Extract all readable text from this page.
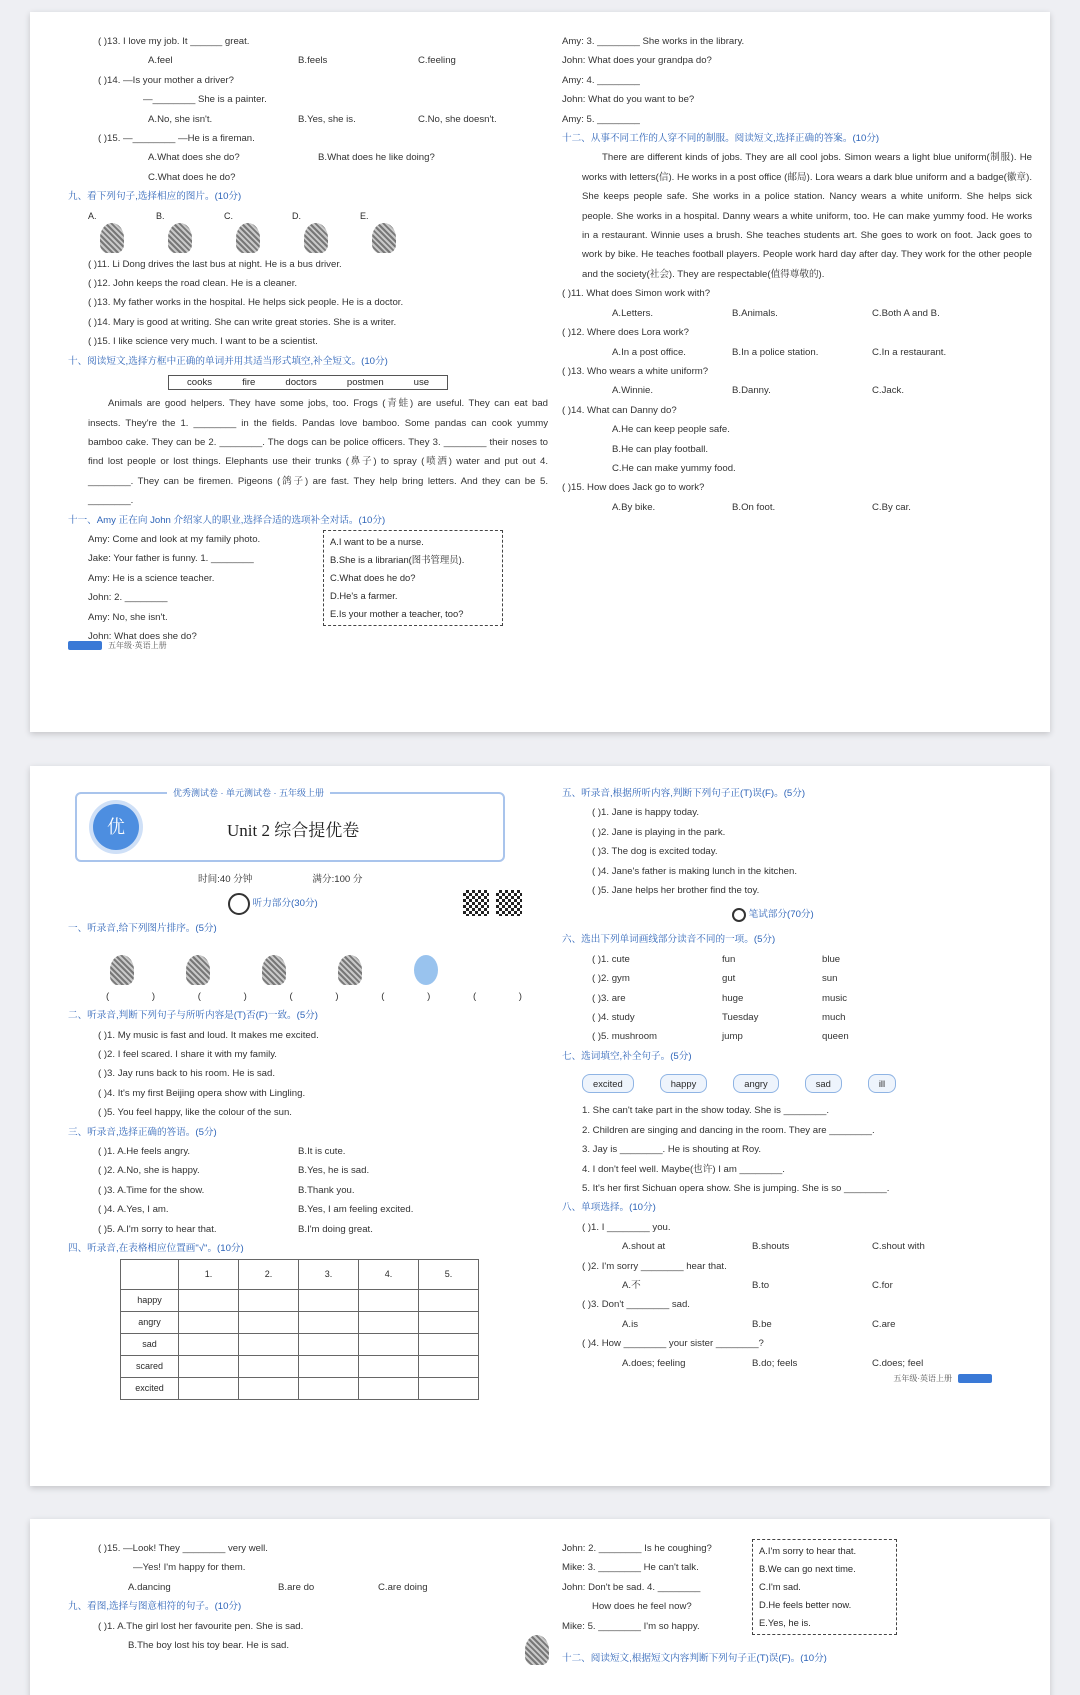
( )13. I love my job. It ______ great.
A.feel	B.feels	C.feeling
( )14. —Is your mother a driver?
—________ She is a painter.
A.No, she isn't.	B.Yes, she is.	C.No, she doesn't.
( )15. —________ —He is a fireman.
A.What does she do?	B.What does he like doing?
C.What does he do?
九、看下列句子,选择相应的图片。(10分)
A.	B.	C.	D.	E.
( )11. Li Dong drives the last bus at night. He is a bus driver.
( )12. John keeps the road clean. He is a cleaner.
( )13. My father works in the hospital. He helps sick people. He is a doctor.
( )14. Mary is good at writing. She can write great stories. She is a writer.
( )15. I like science very much. I want to be a scientist.
十、阅读短文,选择方框中正确的单词并用其适当形式填空,补全短文。(10分)
cooks	fire	doctors	postmen	use
Animals are good helpers. They have some jobs, too. Frogs (青蛙) are useful. They can eat bad insects. They're the 1. ________ in the fields. Pandas love bamboo. Some pandas can cook yummy bamboo cake. They can be 2. ________. The dogs can be police officers. They 3. ________ their noses to find lost people or lost things. Elephants use their trunks (鼻子) to spray (喷洒) water and put out 4. ________. They can be firemen. Pigeons (鸽子) are fast. They help bring letters. And they can be 5. ________.
十一、Amy 正在向 John 介绍家人的职业,选择合适的选项补全对话。(10分)
Amy: Come and look at my family photo.
Jake: Your father is funny. 1. ________
Amy: He is a science teacher.
John: 2. ________
Amy: No, she isn't.
John: What does she do?
A.I want to be a nurse.
B.She is a librarian(图书管理员).
C.What does he do?
D.He's a farmer.
E.Is your mother a teacher, too?
五年级·英语上册
Amy: 3. ________ She works in the library.
John: What does your grandpa do?
Amy: 4. ________
John: What do you want to be?
Amy: 5. ________
十二、从事不同工作的人穿不同的制服。阅读短文,选择正确的答案。(10分)
There are different kinds of jobs. They are all cool jobs. Simon wears a light blue uniform(制服). He works with letters(信). He works in a post office (邮局). Lora wears a dark blue uniform and a badge(徽章). She keeps people safe. She works in a police station. Nancy wears a white uniform. She helps sick people. She works in a hospital. Danny wears a white uniform, too. He can make yummy food. He works in a restaurant. Winnie uses a brush. She teaches students art. She goes to work on foot. Jack goes to work by bike. He teaches football players. People work hard day after day. They work for the other people and the society(社会). They are respectable(值得尊敬的).
( )11. What does Simon work with?
A.Letters.	B.Animals.	C.Both A and B.
( )12. Where does Lora work?
A.In a post office.	B.In a police station.	C.In a restaurant.
( )13. Who wears a white uniform?
A.Winnie.	B.Danny.	C.Jack.
( )14. What can Danny do?
A.He can keep people safe.
B.He can play football.
C.He can make yummy food.
( )15. How does Jack go to work?
A.By bike.	B.On foot.	C.By car.
优秀测试卷 · 单元测试卷 · 五年级上册
优	Unit 2 综合提优卷
时间:40 分钟	满分:100 分
听力部分(30分)
一、听录音,给下列图片排序。(5分)
( )	( )	( )	( )	( )
二、听录音,判断下列句子与所听内容是(T)否(F)一致。(5分)
( )1. My music is fast and loud. It makes me excited.
( )2. I feel scared. I share it with my family.
( )3. Jay runs back to his room. He is sad.
( )4. It's my first Beijing opera show with Lingling.
( )5. You feel happy, like the colour of the sun.
三、听录音,选择正确的答语。(5分)
( )1. A.He feels angry.	B.It is cute.
( )2. A.No, she is happy.	B.Yes, he is sad.
( )3. A.Time for the show.	B.Thank you.
( )4. A.Yes, I am.	B.Yes, I am feeling excited.
( )5. A.I'm sorry to hear that.	B.I'm doing great.
四、听录音,在表格相应位置画"√"。(10分)
	1.	2.	3.	4.	5.
happy					
angry					
sad					
scared					
excited					
五、听录音,根据所听内容,判断下列句子正(T)误(F)。(5分)
( )1. Jane is happy today.
( )2. Jane is playing in the park.
( )3. The dog is excited today.
( )4. Jane's father is making lunch in the kitchen.
( )5. Jane helps her brother find the toy.
笔试部分(70分)
六、选出下列单词画线部分读音不同的一项。(5分)
( )1. cute	fun	blue
( )2. gym	gut	sun
( )3. are	huge	music
( )4. study	Tuesday	much
( )5. mushroom	jump	queen
七、选词填空,补全句子。(5分)
excited	happy	angry	sad	ill
1. She can't take part in the show today. She is ________.
2. Children are singing and dancing in the room. They are ________.
3. Jay is ________. He is shouting at Roy.
4. I don't feel well. Maybe(也许) I am ________.
5. It's her first Sichuan opera show. She is jumping. She is so ________.
八、单项选择。(10分)
( )1. I ________ you.
A.shout at	B.shouts	C.shout with
( )2. I'm sorry ________ hear that.
A.不	B.to	C.for
( )3. Don't ________ sad.
A.is	B.be	C.are
( )4. How ________ your sister ________?
A.does; feeling	B.do; feels	C.does; feel
五年级·英语上册
( )15. —Look! They ________ very well.
—Yes! I'm happy for them.
A.dancing	B.are do	C.are doing
九、看图,选择与图意相符的句子。(10分)
( )1. A.The girl lost her favourite pen. She is sad.
B.The boy lost his toy bear. He is sad.
John: 2. ________ Is he coughing?
Mike: 3. ________ He can't talk.
John: Don't be sad. 4. ________
How does he feel now?
Mike: 5. ________ I'm so happy.
A.I'm sorry to hear that.
B.We can go next time.
C.I'm sad.
D.He feels better now.
E.Yes, he is.
十二、阅读短文,根据短文内容判断下列句子正(T)误(F)。(10分)
